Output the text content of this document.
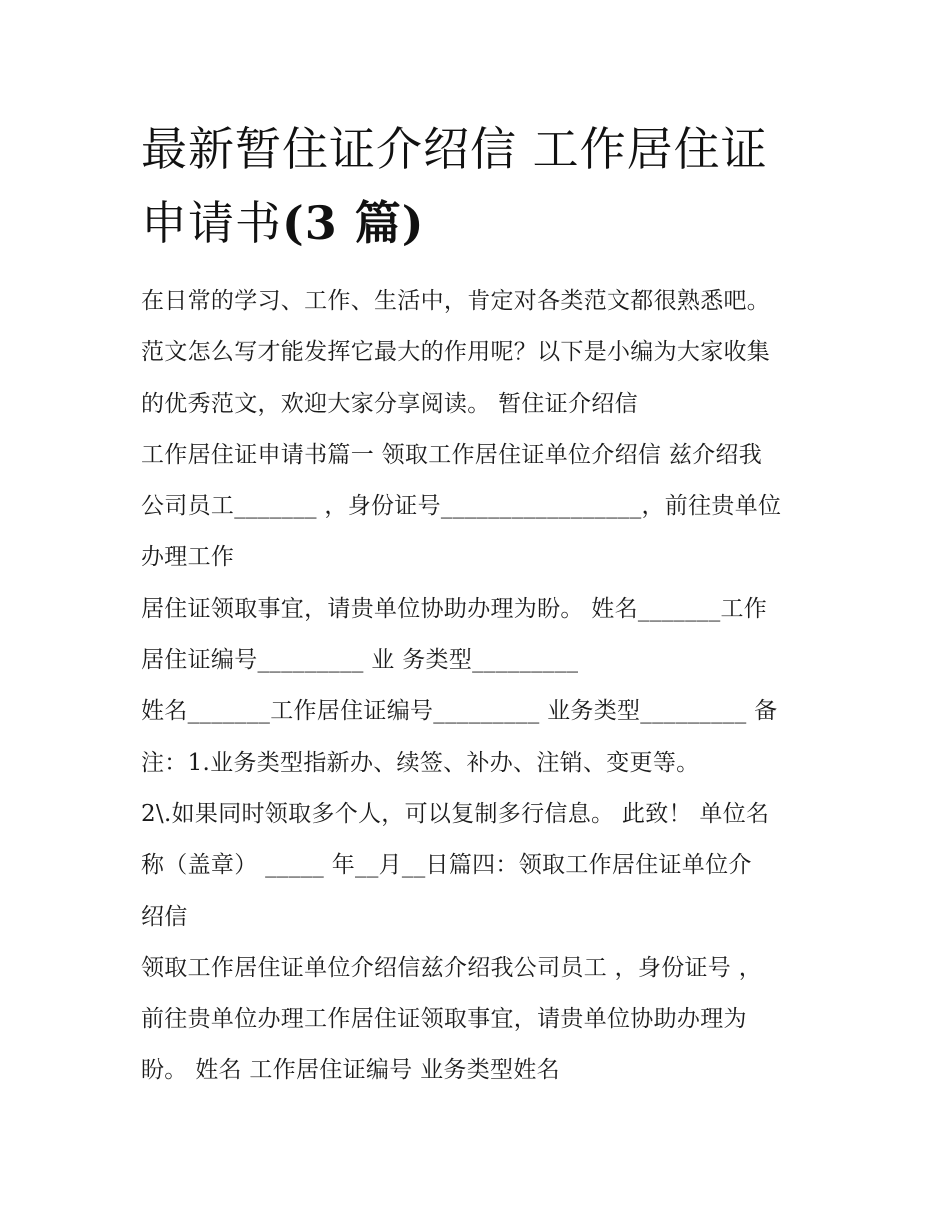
最新暂住证介绍信 工作居住证
申请书(3 篇)
在日常的学习、工作、生活中，肯定对各类范文都很熟悉吧。
范文怎么写才能发挥它最大的作用呢？以下是小编为大家收集
的优秀范文，欢迎大家分享阅读。 暂住证介绍信
工作居住证申请书篇一 领取工作居住证单位介绍信 兹介绍我
公司员工_______ ，身份证号_________________，前往贵单位
办理工作
居住证领取事宜，请贵单位协助办理为盼。 姓名_______工作
居住证编号_________ 业 务类型_________
姓名_______工作居住证编号_________ 业务类型_________ 备
注：1.业务类型指新办、续签、补办、注销、变更等。
2\.如果同时领取多个人，可以复制多行信息。 此致！ 单位名
称（盖章） _____ 年__月__日篇四：领取工作居住证单位介
绍信
领取工作居住证单位介绍信兹介绍我公司员工 ，身份证号 ，
前往贵单位办理工作居住证领取事宜，请贵单位协助办理为
盼。 姓名 工作居住证编号 业务类型姓名
